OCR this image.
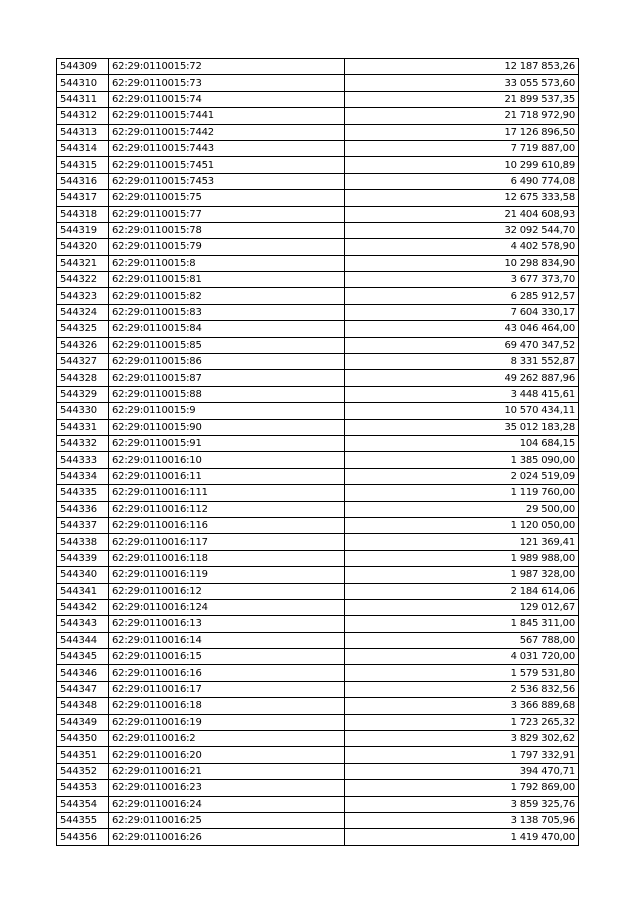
544309	62:29:0110015:72	12 187 853,26
544310	62:29:0110015:73	33 055 573,60
544311	62:29:0110015:74	21 899 537,35
544312	62:29:0110015:7441	21 718 972,90
544313	62:29:0110015:7442	17 126 896,50
544314	62:29:0110015:7443	7 719 887,00
544315	62:29:0110015:7451	10 299 610,89
544316	62:29:0110015:7453	6 490 774,08
544317	62:29:0110015:75	12 675 333,58
544318	62:29:0110015:77	21 404 608,93
544319	62:29:0110015:78	32 092 544,70
544320	62:29:0110015:79	4 402 578,90
544321	62:29:0110015:8	10 298 834,90
544322	62:29:0110015:81	3 677 373,70
544323	62:29:0110015:82	6 285 912,57
544324	62:29:0110015:83	7 604 330,17
544325	62:29:0110015:84	43 046 464,00
544326	62:29:0110015:85	69 470 347,52
544327	62:29:0110015:86	8 331 552,87
544328	62:29:0110015:87	49 262 887,96
544329	62:29:0110015:88	3 448 415,61
544330	62:29:0110015:9	10 570 434,11
544331	62:29:0110015:90	35 012 183,28
544332	62:29:0110015:91	104 684,15
544333	62:29:0110016:10	1 385 090,00
544334	62:29:0110016:11	2 024 519,09
544335	62:29:0110016:111	1 119 760,00
544336	62:29:0110016:112	29 500,00
544337	62:29:0110016:116	1 120 050,00
544338	62:29:0110016:117	121 369,41
544339	62:29:0110016:118	1 989 988,00
544340	62:29:0110016:119	1 987 328,00
544341	62:29:0110016:12	2 184 614,06
544342	62:29:0110016:124	129 012,67
544343	62:29:0110016:13	1 845 311,00
544344	62:29:0110016:14	567 788,00
544345	62:29:0110016:15	4 031 720,00
544346	62:29:0110016:16	1 579 531,80
544347	62:29:0110016:17	2 536 832,56
544348	62:29:0110016:18	3 366 889,68
544349	62:29:0110016:19	1 723 265,32
544350	62:29:0110016:2	3 829 302,62
544351	62:29:0110016:20	1 797 332,91
544352	62:29:0110016:21	394 470,71
544353	62:29:0110016:23	1 792 869,00
544354	62:29:0110016:24	3 859 325,76
544355	62:29:0110016:25	3 138 705,96
544356	62:29:0110016:26	1 419 470,00
